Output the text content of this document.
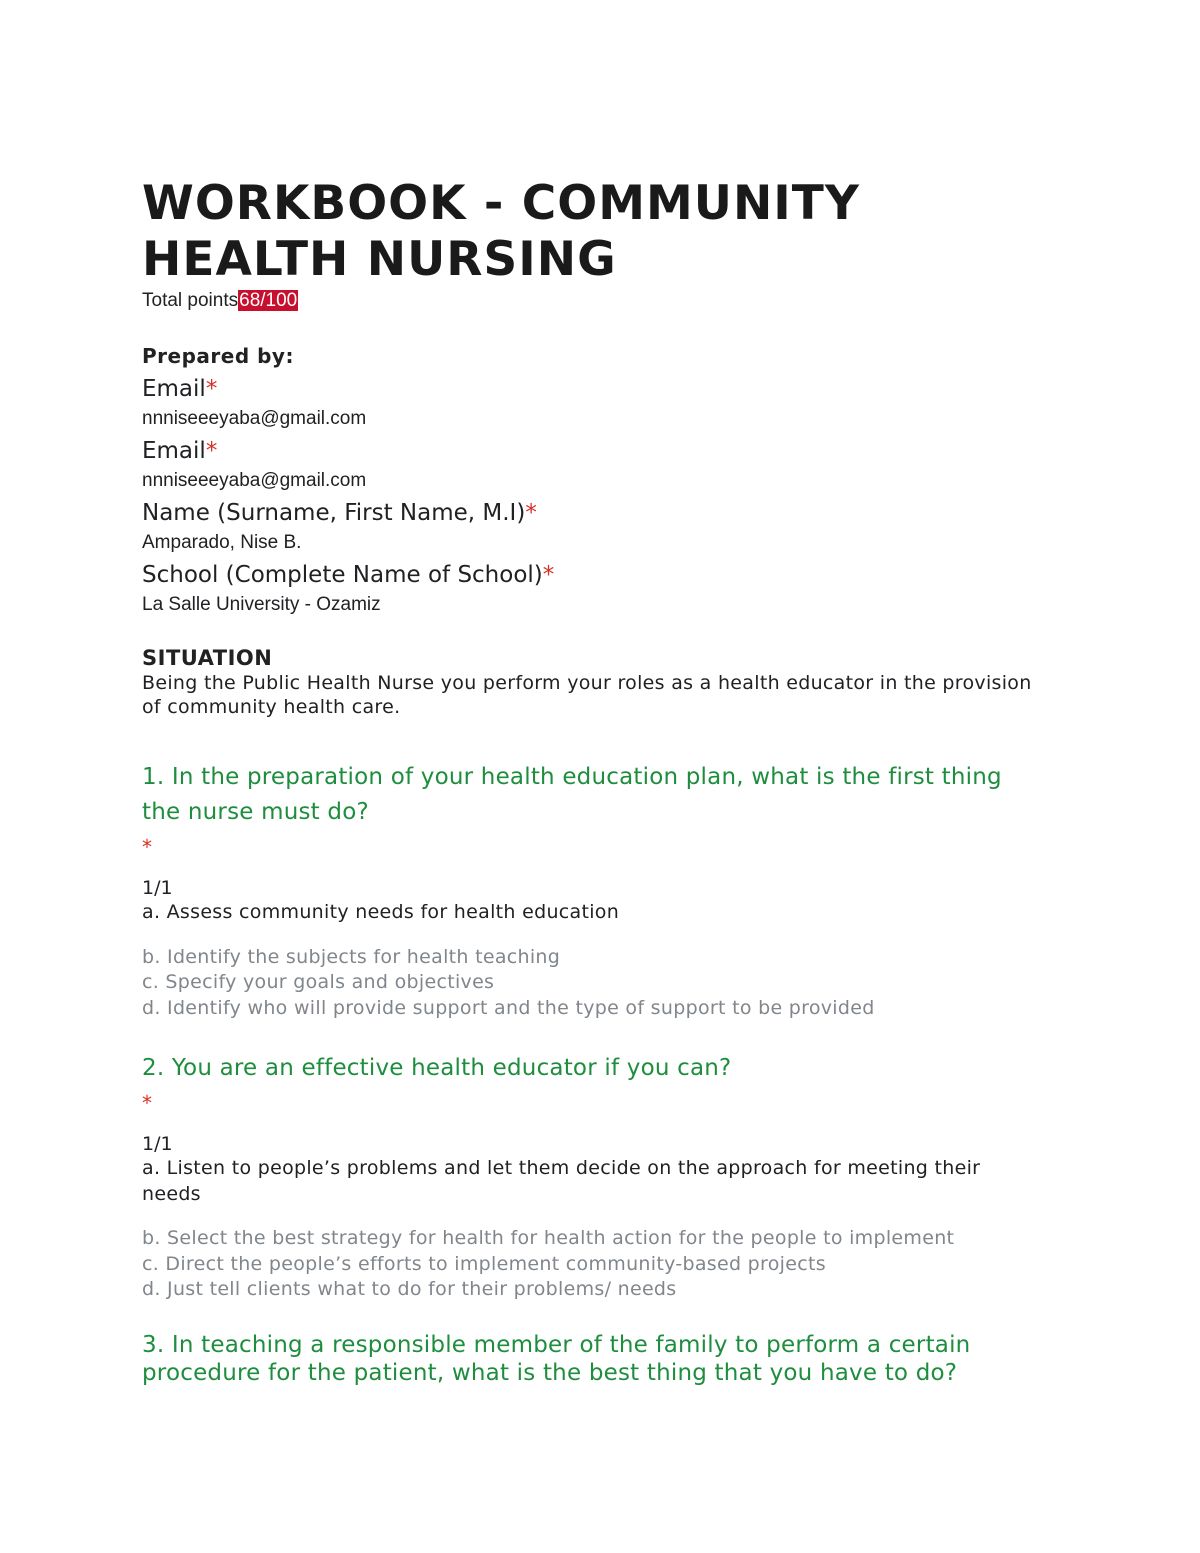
WORKBOOK - COMMUNITY
HEALTH NURSING
Total points68/100
Prepared by:
Email*
nnniseeeyaba@gmail.com
Email*
nnniseeeyaba@gmail.com
Name (Surname, First Name, M.I)*
Amparado, Nise B.
School (Complete Name of School)*
La Salle University - Ozamiz
SITUATION
Being the Public Health Nurse you perform your roles as a health educator in the provision of community health care.
1. In the preparation of your health education plan, what is the first thing the nurse must do?
*
1/1
a. Assess community needs for health education
b. Identify the subjects for health teaching
c. Specify your goals and objectives
d. Identify who will provide support and the type of support to be provided
2. You are an effective health educator if you can?
*
1/1
a. Listen to people’s problems and let them decide on the approach for meeting their needs
b. Select the best strategy for health for health action for the people to implement
c. Direct the people’s efforts to implement community-based projects
d. Just tell clients what to do for their problems/ needs
3. In teaching a responsible member of the family to perform a certain procedure for the patient, what is the best thing that you have to do?
